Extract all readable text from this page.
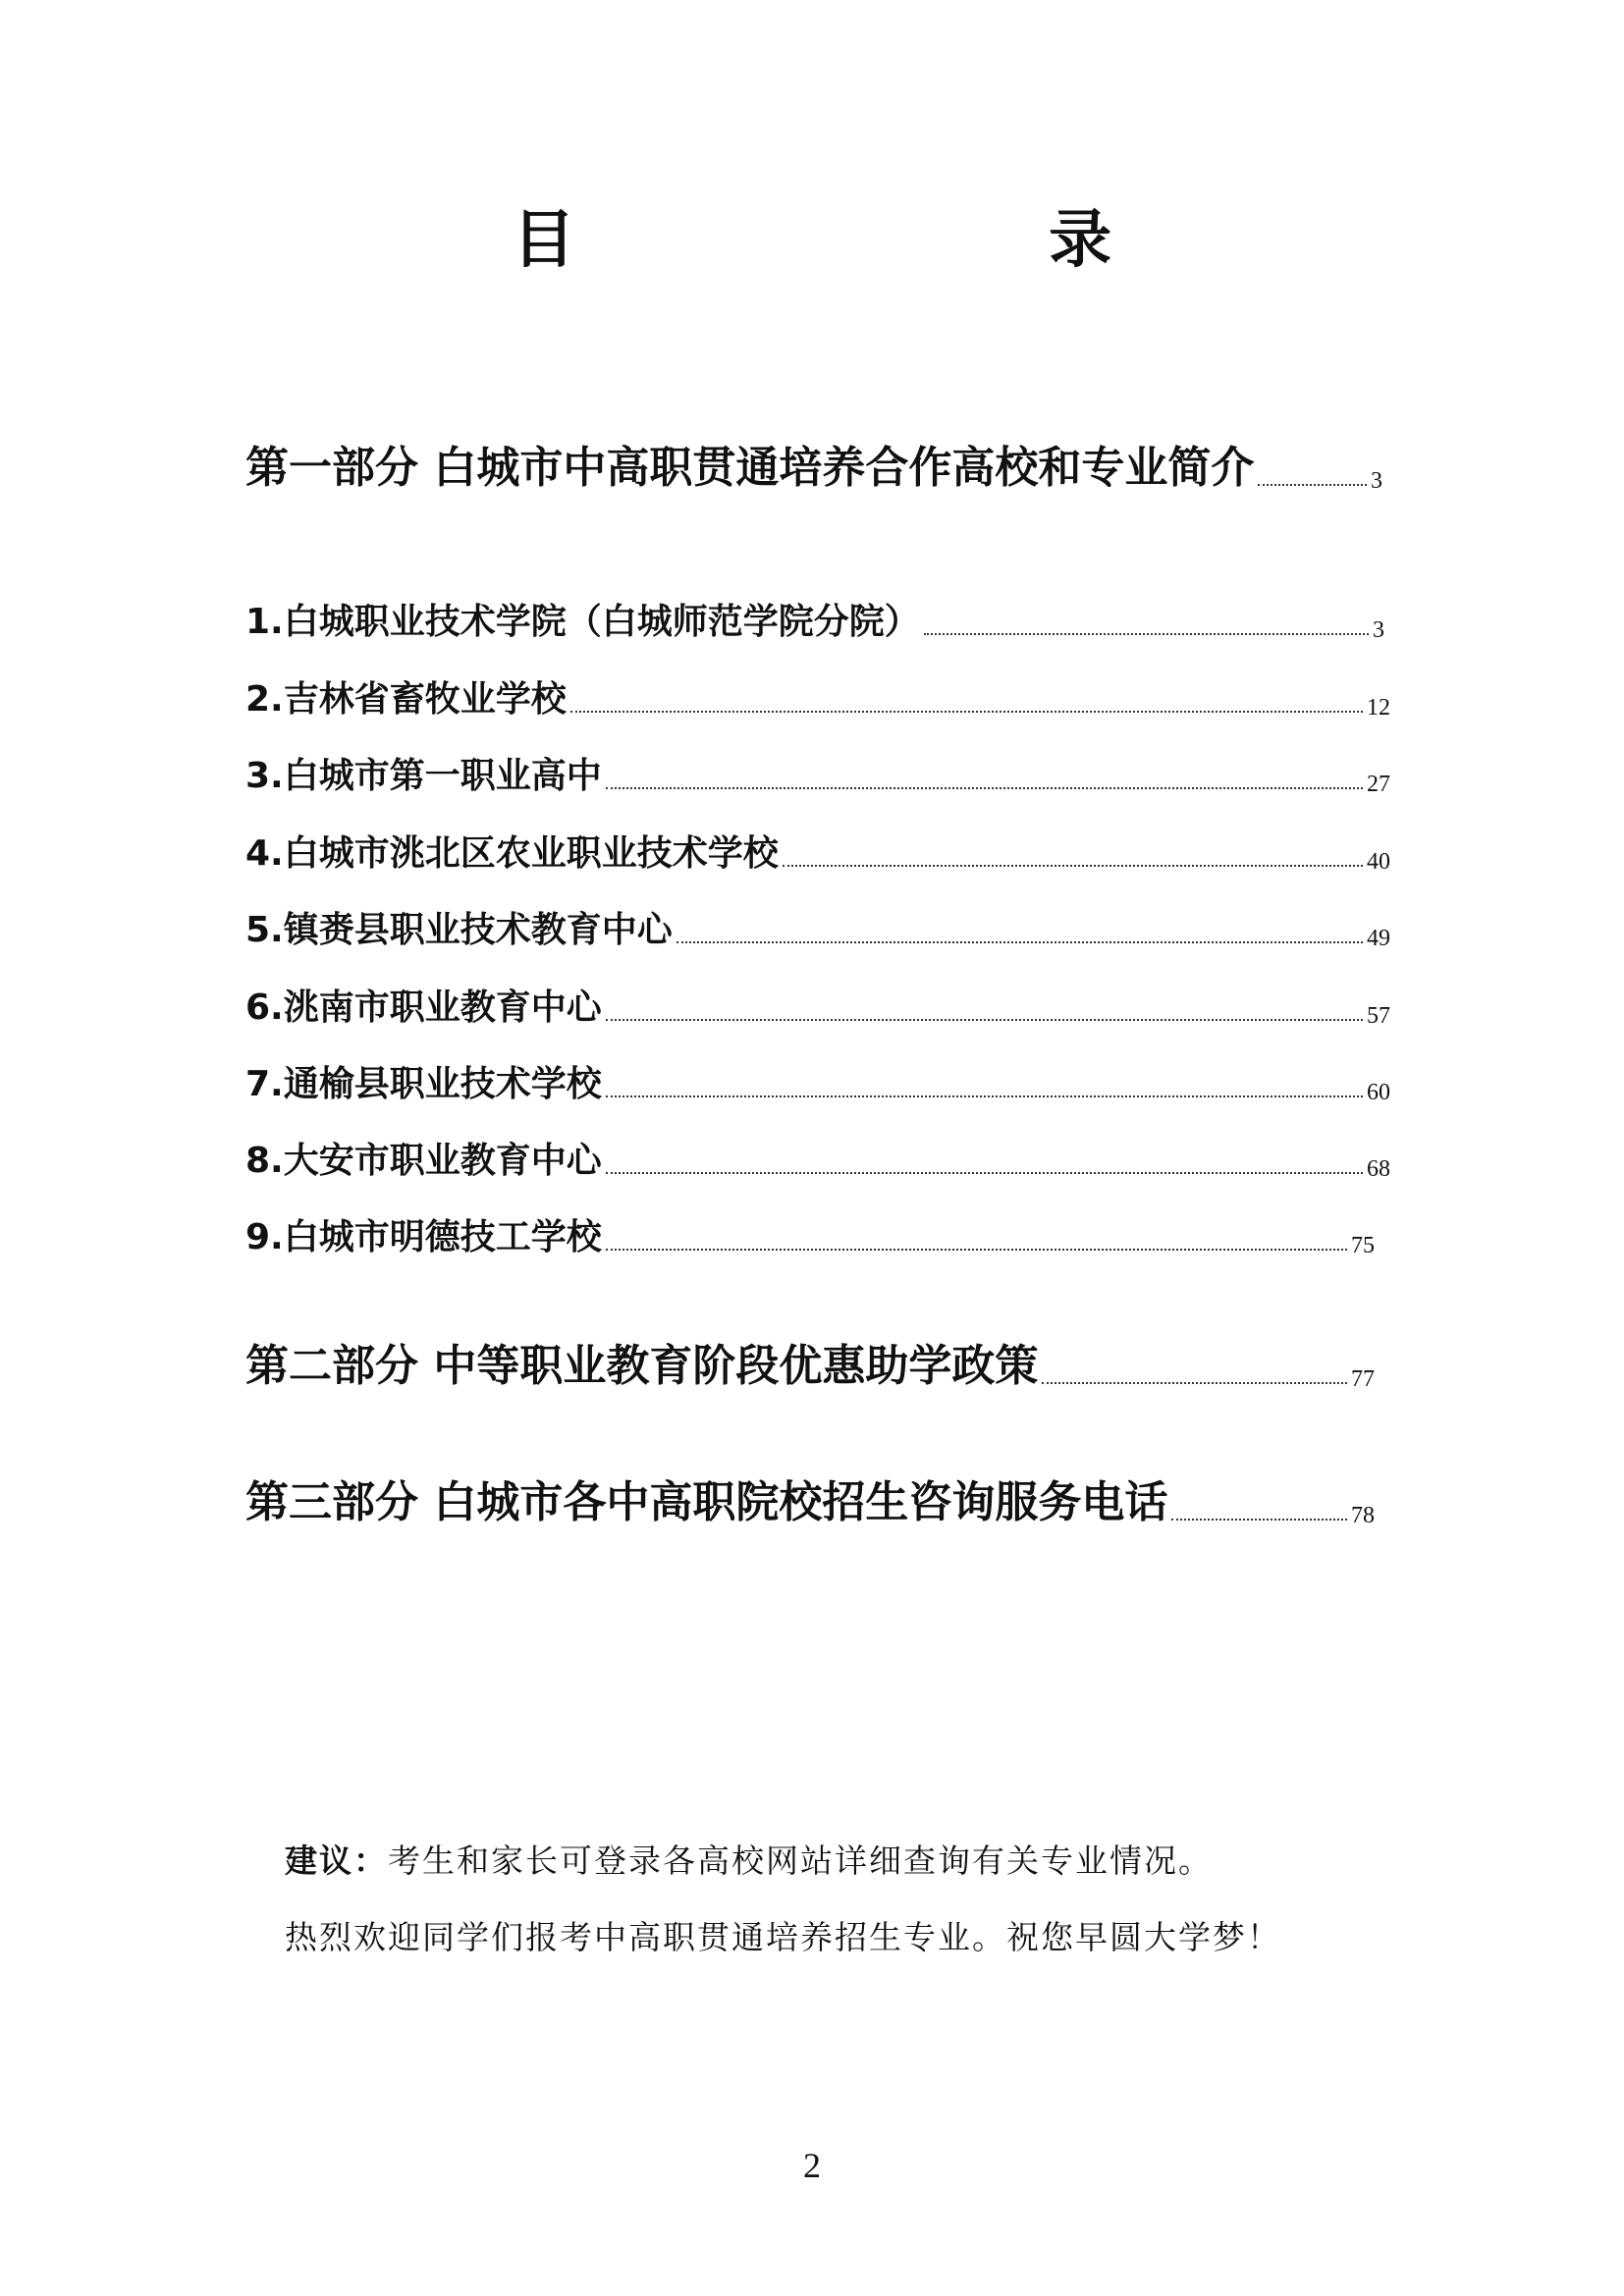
目 录
第一部分 白城市中高职贯通培养合作高校和专业简介	3
1.白城职业技术学院（白城师范学院分院）	3
2.吉林省畜牧业学校	12
3.白城市第一职业高中	27
4.白城市洮北区农业职业技术学校	40
5.镇赉县职业技术教育中心	49
6.洮南市职业教育中心	57
7.通榆县职业技术学校	60
8.大安市职业教育中心	68
9.白城市明德技工学校	75
第二部分 中等职业教育阶段优惠助学政策	77
第三部分 白城市各中高职院校招生咨询服务电话	78
建议：考生和家长可登录各高校网站详细查询有关专业情况。
热烈欢迎同学们报考中高职贯通培养招生专业。祝您早圆大学梦！
2
